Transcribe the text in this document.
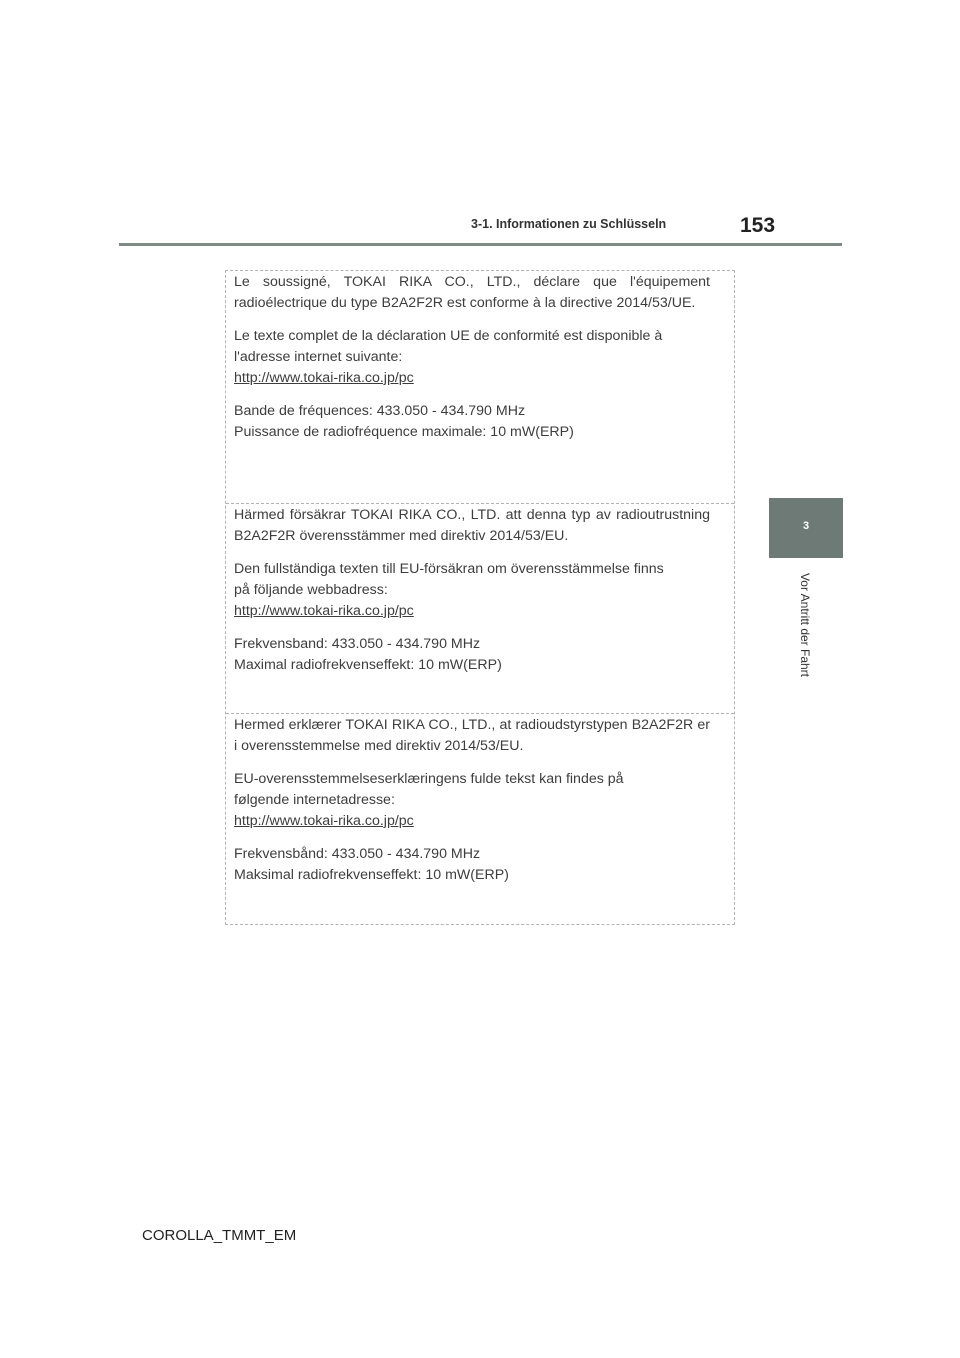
3-1. Informationen zu Schlüsseln	153
3
Vor Antritt der Fahrt

Le soussigné, TOKAI RIKA CO., LTD., déclare que l'équipement radioélectrique du type B2A2F2R est conforme à la directive 2014/53/UE.

Le texte complet de la déclaration UE de conformité est disponible à

l'adresse internet suivante:

http://www.tokai-rika.co.jp/pc

Bande de fréquences: 433.050 - 434.790 MHz

Puissance de radiofréquence maximale: 10 mW(ERP)

Härmed försäkrar TOKAI RIKA CO., LTD. att denna typ av radioutrustning B2A2F2R överensstämmer med direktiv 2014/53/EU.

Den fullständiga texten till EU-försäkran om överensstämmelse finns

på följande webbadress:

http://www.tokai-rika.co.jp/pc

Frekvensband: 433.050 - 434.790 MHz

Maximal radiofrekvenseffekt: 10 mW(ERP)

Hermed erklærer TOKAI RIKA CO., LTD., at radioudstyrstypen B2A2F2R er i overensstemmelse med direktiv 2014/53/EU.

EU-overensstemmelseserklæringens fulde tekst kan findes på

følgende internetadresse:

http://www.tokai-rika.co.jp/pc

Frekvensbånd: 433.050 - 434.790 MHz

Maksimal radiofrekvenseffekt: 10 mW(ERP)

COROLLA_TMMT_EM
